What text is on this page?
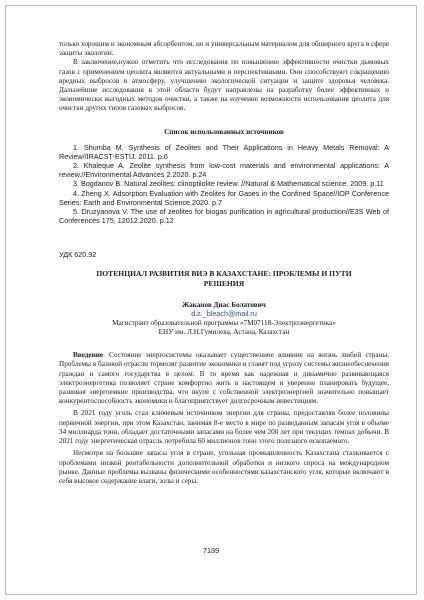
только хорошим и экономным абсорбентом, но и универсальным материалом для обширного круга в сфере защиты экологии.

В заключение,нужно отметить что исследования по повышению эффективности очистки дымовых газов с применением цеолита являются актуальными и перспективными. Они способствуют сокращению вредных выбросов в атмосферу, улучшению экологической ситуации и защите здоровья человека. Дальнейшие исследования в этой области будут направлены на разработку более эффективных и экономически выгодных методов очистки, а также на изучение возможности использования цеолита для очистки других типов газовых выбросов.

Список использованных источников

1. Shumba M. Synthesis of Zeolites and Their Applications in Heavy Metals Removal: A Review//IRACST-ESTIJ. 2011. p.6

2. Khaleque A. Zeolite synthesis from low-cost materials and environmental applications: A review.//Environmental Advances 2.2020. p.24

3. Bogdanov B. Natural zeolites: clinoptilolite review. //Natural & Mathematical science. 2009. p.11

4. Zheng X. Adsorption Evaluation with Zeolites for Gases in the Confined Space//IOP Conference Series: Earth and Environmental Science.2020. p.7

5. Druzyanova V. The use of zeolites for biogas purification in agricultural production//E3S Web of Conferences 175, 12012.2020. p.12

УДК 620.92
ПОТЕНЦИАЛ РАЗВИТИЯ ВИЭ В КАЗАХСТАНЕ: ПРОБЛЕМЫ И ПУТИ РЕШЕНИЯ
Жаканов Диас Болатович
d.z._bleach@mail.ru
Магистрант образовательной программы «7М07118-Электроэнергетика»
ЕНУ им. Л.Н.Гумилева, Астана, Казахстан

Введение. Состояние энергосистемы оказывает существенное влияние на жизнь любой страны. Проблемы в базовой отрасли тормозят развитие экономики и ставят под угрозу системы жизнеобеспечения граждан и самого государства в целом. В то время как надежная и динамично развивающаяся электроэнергетика позволяет стране комфортно жить в настоящем и уверенно планировать будущее, развивая энергоемкие производства, что вкупе с собственной электроэнергией значительно повышает конкурентоспособность экономики и благоприятствует долгосрочным инвестициям.

В 2021 году уголь стал ключевым источником энергии для страны, предоставляя более половины первичной энергии, при этом Казахстан, занимая 8-е место в мире по разведанным запасам угля в объеме 34 миллиарда тонн, обладает достаточными запасами на более чем 200 лет при текущих темпах добычи. В 2021 году энергетическая отрасль потребила 60 миллионов тонн этого полезного ископаемого.

Несмотря на большие запасы угля в стране, угольная промышленность Казахстана сталкивается с проблемами низкой рентабельности дополнительной обработки и низкого спроса на международном рынке. Данные проблемы вызваны физическими особенностями казахстанского угля, которые включают в себя высокое содержание влаги, золы и серы.

7139
